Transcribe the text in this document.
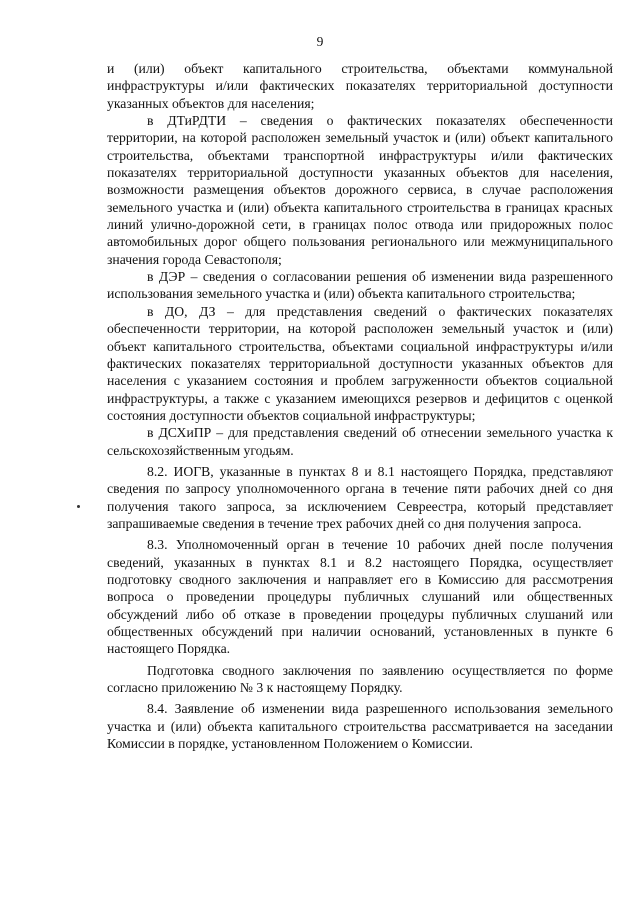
9

и (или) объект капитального строительства, объектами коммунальной инфраструктуры и/или фактических показателях территориальной доступности указанных объектов для населения;

в ДТиРДТИ – сведения о фактических показателях обеспеченности территории, на которой расположен земельный участок и (или) объект капитального строительства, объектами транспортной инфраструктуры и/или фактических показателях территориальной доступности указанных объектов для населения, возможности размещения объектов дорожного сервиса, в случае расположения земельного участка и (или) объекта капитального строительства в границах красных линий улично-дорожной сети, в границах полос отвода или придорожных полос автомобильных дорог общего пользования регионального или межмуниципального значения города Севастополя;

в ДЭР – сведения о согласовании решения об изменении вида разрешенного использования земельного участка и (или) объекта капитального строительства;

в ДО, ДЗ – для представления сведений о фактических показателях обеспеченности территории, на которой расположен земельный участок и (или) объект капитального строительства, объектами социальной инфраструктуры и/или фактических показателях территориальной доступности указанных объектов для населения с указанием состояния и проблем загруженности объектов социальной инфраструктуры, а также с указанием имеющихся резервов и дефицитов с оценкой состояния доступности объектов социальной инфраструктуры;

в ДСХиПР – для представления сведений об отнесении земельного участка к сельскохозяйственным угодьям.

8.2. ИОГВ, указанные в пунктах 8 и 8.1 настоящего Порядка, представляют сведения по запросу уполномоченного органа в течение пяти рабочих дней со дня получения такого запроса, за исключением Севреестра, который представляет запрашиваемые сведения в течение трех рабочих дней со дня получения запроса.

8.3. Уполномоченный орган в течение 10 рабочих дней после получения сведений, указанных в пунктах 8.1 и 8.2 настоящего Порядка, осуществляет подготовку сводного заключения и направляет его в Комиссию для рассмотрения вопроса о проведении процедуры публичных слушаний или общественных обсуждений либо об отказе в проведении процедуры публичных слушаний или общественных обсуждений при наличии оснований, установленных в пункте 6 настоящего Порядка.

Подготовка сводного заключения по заявлению осуществляется по форме согласно приложению № 3 к настоящему Порядку.

8.4. Заявление об изменении вида разрешенного использования земельного участка и (или) объекта капитального строительства рассматривается на заседании Комиссии в порядке, установленном Положением о Комиссии.
